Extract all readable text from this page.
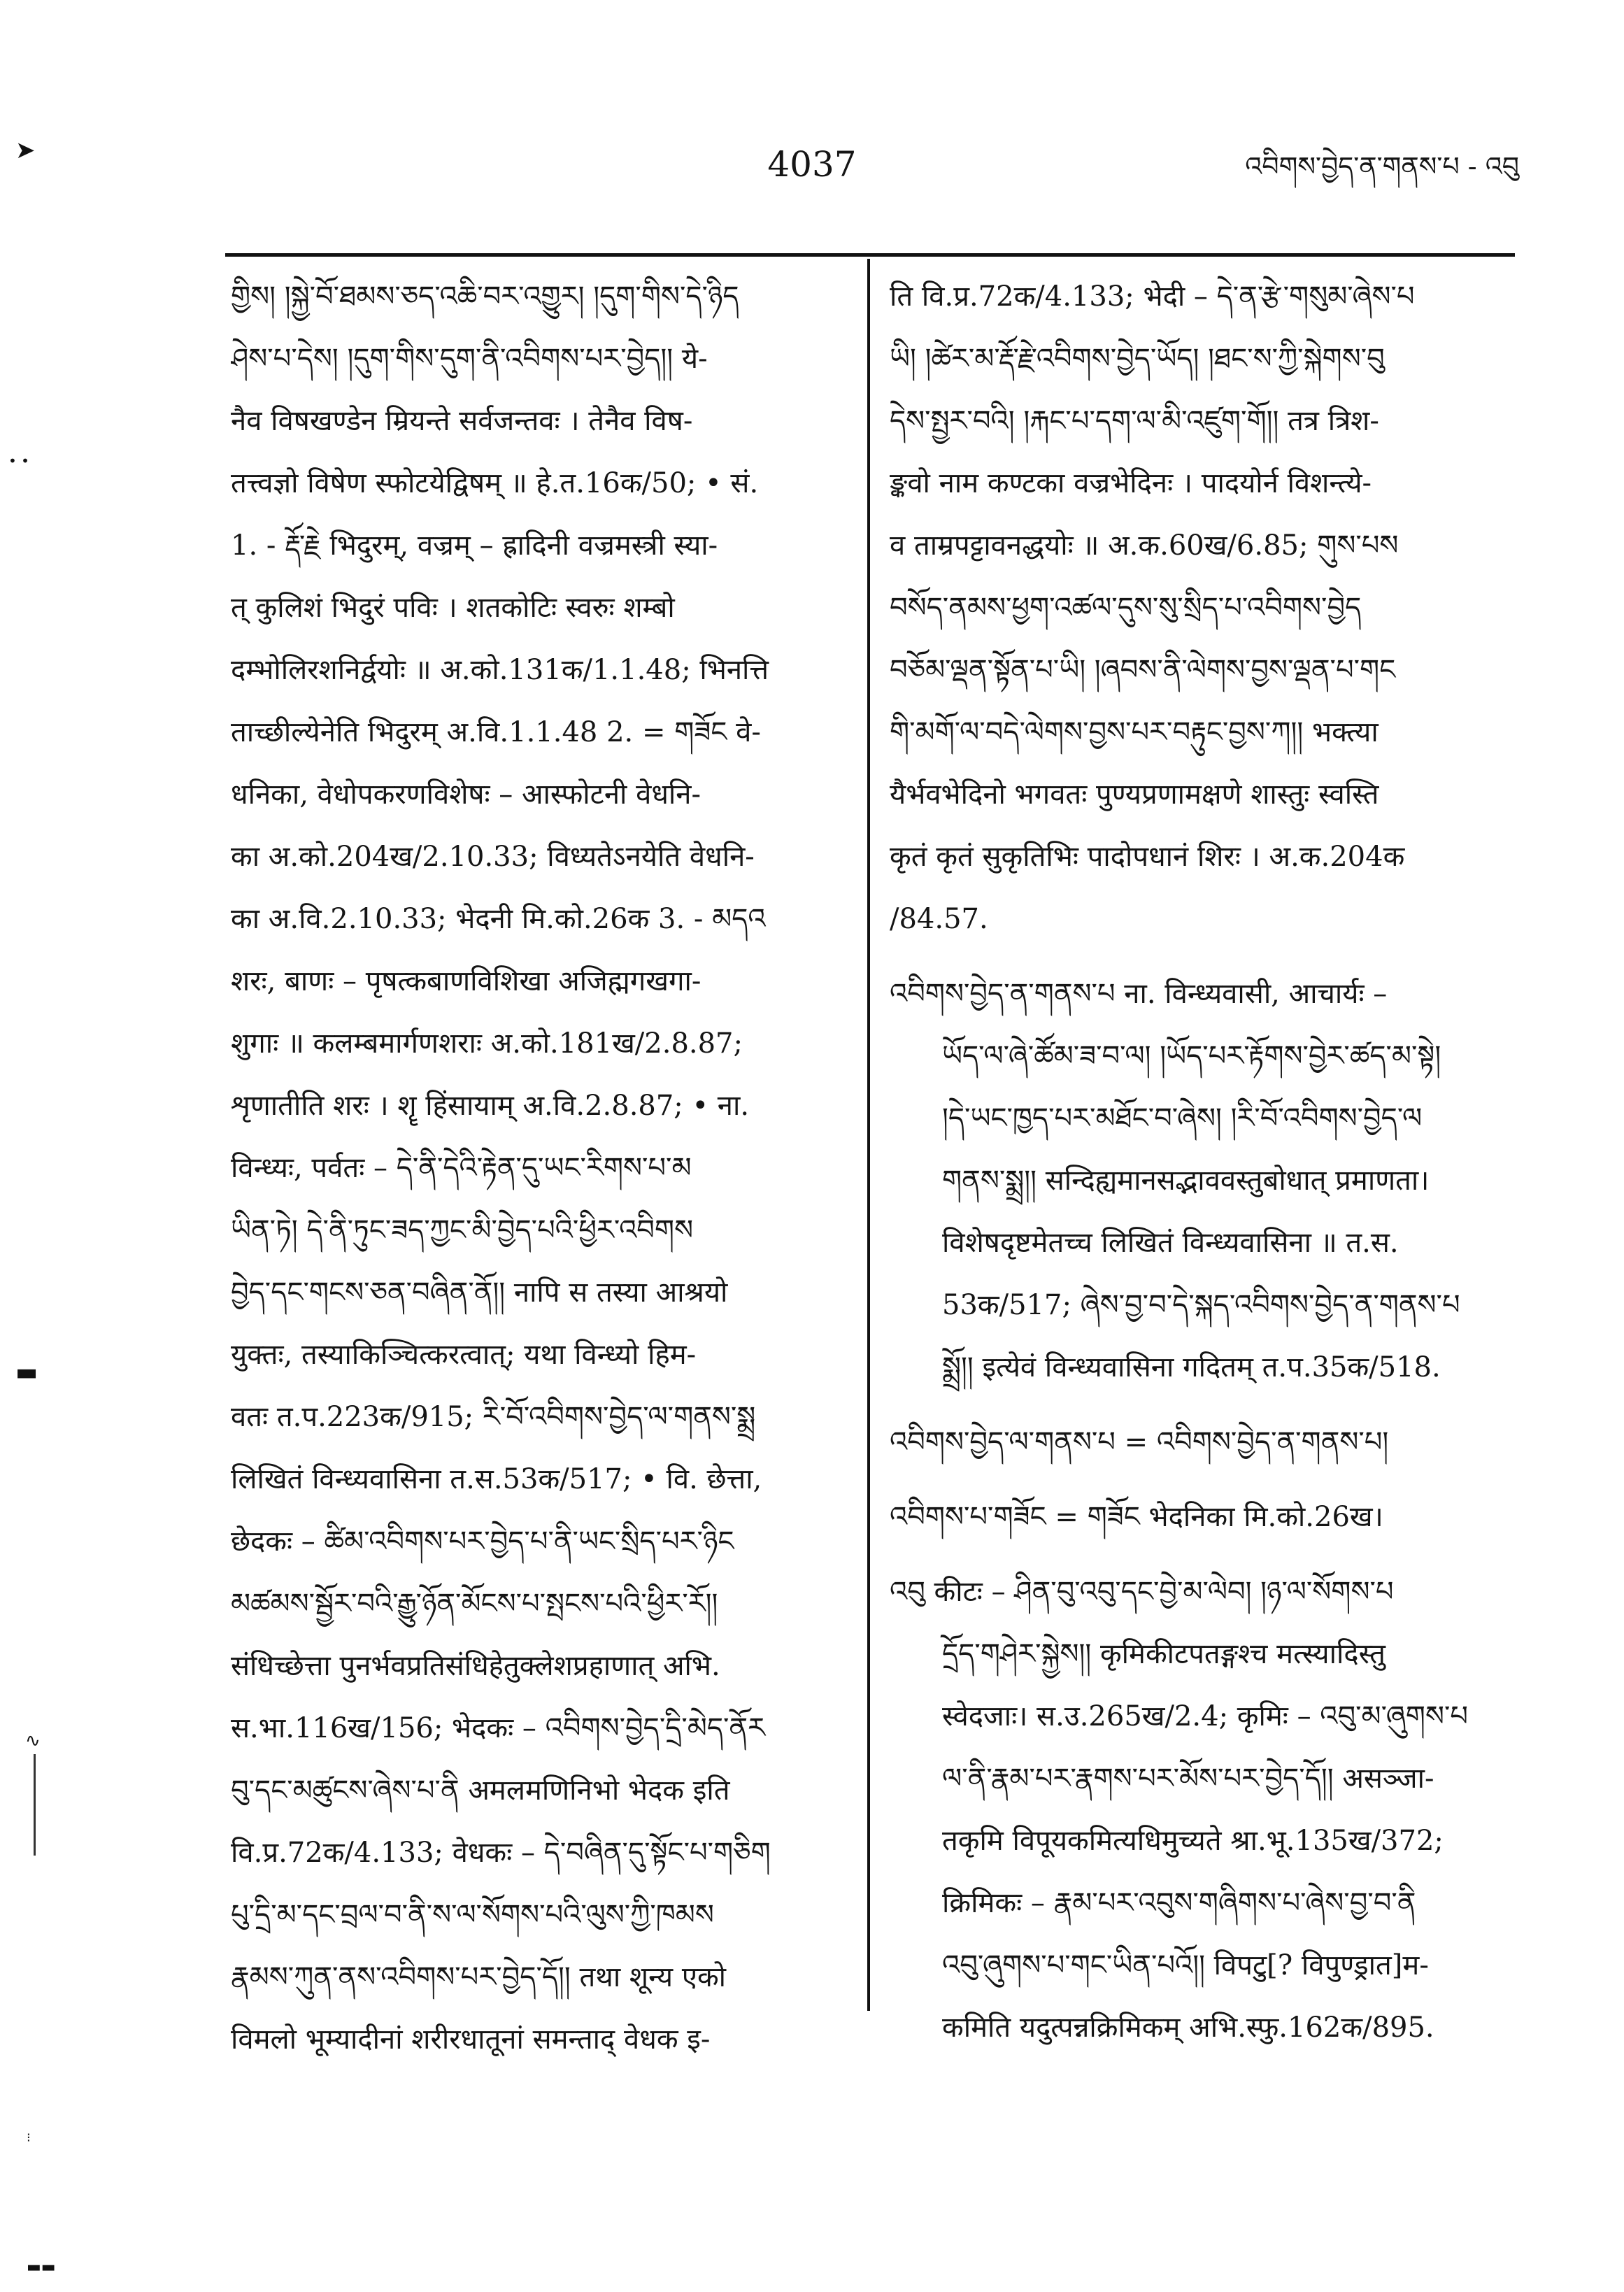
4037	འབིགས་བྱེད་ན་གནས་པ - འབུ
གྱིས། །སྐྱེ་བོ་ཐམས་ཅད་འཆི་བར་འགྱུར། །དུག་གིས་དེ་ཉིད
ཤེས་པ་དེས། །དུག་གིས་དུག་ནི་འབིགས་པར་བྱེད།། ये-
नैव विषखण्डेन म्रियन्ते सर्वजन्तवः । तेनैव विष-
तत्त्वज्ञो विषेण स्फोटयेद्विषम् ॥ हे.त.16क/50; • सं.
1. - རྡོ་རྗེ भिदुरम्, वज्रम् – ह्रादिनी वज्रमस्त्री स्या-
त् कुलिशं भिदुरं पविः । शतकोटिः स्वरुः शम्बो
दम्भोलिरशनिर्द्वयोः ॥ अ.को.131क/1.1.48; भिनत्ति
ताच्छील्येनेति भिदुरम् अ.वि.1.1.48 2. = གཟོང वे-
धनिका, वेधोपकरणविशेषः – आस्फोटनी वेधनि-
का अ.को.204ख/2.10.33; विध्यतेऽनयेति वेधनि-
का अ.वि.2.10.33; भेदनी मि.को.26क 3. - མདའ
शरः, बाणः – पृषत्कबाणविशिखा अजिह्मगखगा-
शुगाः ॥ कलम्बमार्गणशराः अ.को.181ख/2.8.87;
शृणातीति शरः । शॄ हिंसायाम् अ.वि.2.8.87; • ना.
विन्ध्यः, पर्वतः – དེ་ནི་དེའི་རྟེན་དུ་ཡང་རིགས་པ་མ
ཡིན་ཏེ། དེ་ནི་ཏུང་ཟད་ཀྱང་མི་བྱེད་པའི་ཕྱིར་འབིགས
བྱེད་དང་གངས་ཅན་བཞིན་ནོ།། नापि स तस्या आश्रयो
युक्तः, तस्याकिञ्चित्करत्वात्; यथा विन्ध्यो हिम-
वतः त.प.223क/915; རི་བོ་འབིགས་བྱེད་ལ་གནས་སྨྲ
लिखितं विन्ध्यवासिना त.स.53क/517; • वि. छेत्ता,
छेदकः – ཚིམ་འབིགས་པར་བྱེད་པ་ནི་ཡང་སྲིད་པར་ཉིང
མཚམས་སྦྱོར་བའི་རྒྱུ་ཉོན་མོངས་པ་སྤངས་པའི་ཕྱིར་རོ།།
संधिच्छेत्ता पुनर्भवप्रतिसंधिहेतुक्लेशप्रहाणात् अभि.
स.भा.116ख/156; भेदकः – འབིགས་བྱེད་དྲི་མེད་ནོར
བུ་དང་མཚུངས་ཞེས་པ་ནི अमलमणिनिभो भेदक इति
वि.प्र.72क/4.133; वेधकः – དེ་བཞིན་དུ་སྟོང་པ་གཅིག
པུ་དྲི་མ་དང་བྲལ་བ་ནི་ས་ལ་སོགས་པའི་ལུས་ཀྱི་ཁམས
རྣམས་ཀུན་ནས་འབིགས་པར་བྱེད་དོ།། तथा शून्य एको
विमलो भूम्यादीनां शरीरधातूनां समन्ताद् वेधक इ-
ति वि.प्र.72क/4.133; भेदी – དེ་ན་རྩེ་གསུམ་ཞེས་པ
ཡི། །ཚེར་མ་རྡོ་རྗེ་འབིགས་བྱེད་ཡོད། །ཐང་ས་ཀྱི་སྐེགས་བུ
དེས་སྤྱར་བའི། །རྐང་པ་དག་ལ་མི་འཛུག་གོ།། तत्र त्रिश-
ङ्कवो नाम कण्टका वज्रभेदिनः । पादयोर्न विशन्त्ये-
व ताम्रपट्टावनद्धयोः ॥ अ.क.60ख/6.85; གུས་པས
བསོད་ནམས་ཕྱག་འཚལ་དུས་སུ་སྲིད་པ་འབིགས་བྱེད
བཅོམ་ལྡན་སྟོན་པ་ཡི། །ཞབས་ནི་ལེགས་བྱས་ལྡན་པ་གང
གི་མགོ་ལ་བདེ་ལེགས་བྱས་པར་བརྟུང་བྱས་ཀ།། भक्त्या
यैर्भवभेदिनो भगवतः पुण्यप्रणामक्षणे शास्तुः स्वस्ति
कृतं कृतं सुकृतिभिः पादोपधानं शिरः । अ.क.204क
/84.57.
འབིགས་བྱེད་ན་གནས་པ ना. विन्ध्यवासी, आचार्यः –
ཡོད་ལ་ཞེ་ཚོམ་ཟ་བ་ལ། །ཡོད་པར་རྟོགས་བྱེར་ཚད་མ་སྟེ།
།དེ་ཡང་ཁྱད་པར་མཐོང་བ་ཞེས། །རི་བོ་འབིགས་བྱེད་ལ
གནས་སྨྲ།། सन्दिह्यमानसद्भाववस्तुबोधात् प्रमाणता।
विशेषदृष्टमेतच्च लिखितं विन्ध्यवासिना ॥ त.स.
53क/517; ཞེས་བྱ་བ་དེ་སྐད་འབིགས་བྱེད་ན་གནས་པ
སྨྲོ།། इत्येवं विन्ध्यवासिना गदितम् त.प.35क/518.
འབིགས་བྱེད་ལ་གནས་པ = འབིགས་བྱེད་ན་གནས་པ།
འབིགས་པ་གཟོང = གཟོང भेदनिका मि.को.26ख।
འབུ कीटः – ཤིན་བུ་འབུ་དང་བྱེ་མ་ལེབ། །ཉ་ལ་སོགས་པ
དྲོད་གཤེར་སྐྱེས།། कृमिकीटपतङ्गश्च मत्स्यादिस्तु
स्वेदजाः। स.उ.265ख/2.4; कृमिः – འབུ་མ་ཞུགས་པ
ལ་ནི་རྣམ་པར་རྣགས་པར་མོས་པར་བྱེད་དོ།། असञ्जा-
तकृमि विपूयकमित्यधिमुच्यते श्रा.भू.135ख/372;
क्रिमिकः – རྣམ་པར་འབུས་གཞིགས་པ་ཞེས་བྱ་བ་ནི
འབུ་ཞུགས་པ་གང་ཡིན་པའོ།། विपटु[? विपुण्ड्रात]म-
कमिति यदुत्पन्नक्रिमिकम् अभि.स्फु.162क/895.
➤
• •
▬
∿
⁝
▬▬
